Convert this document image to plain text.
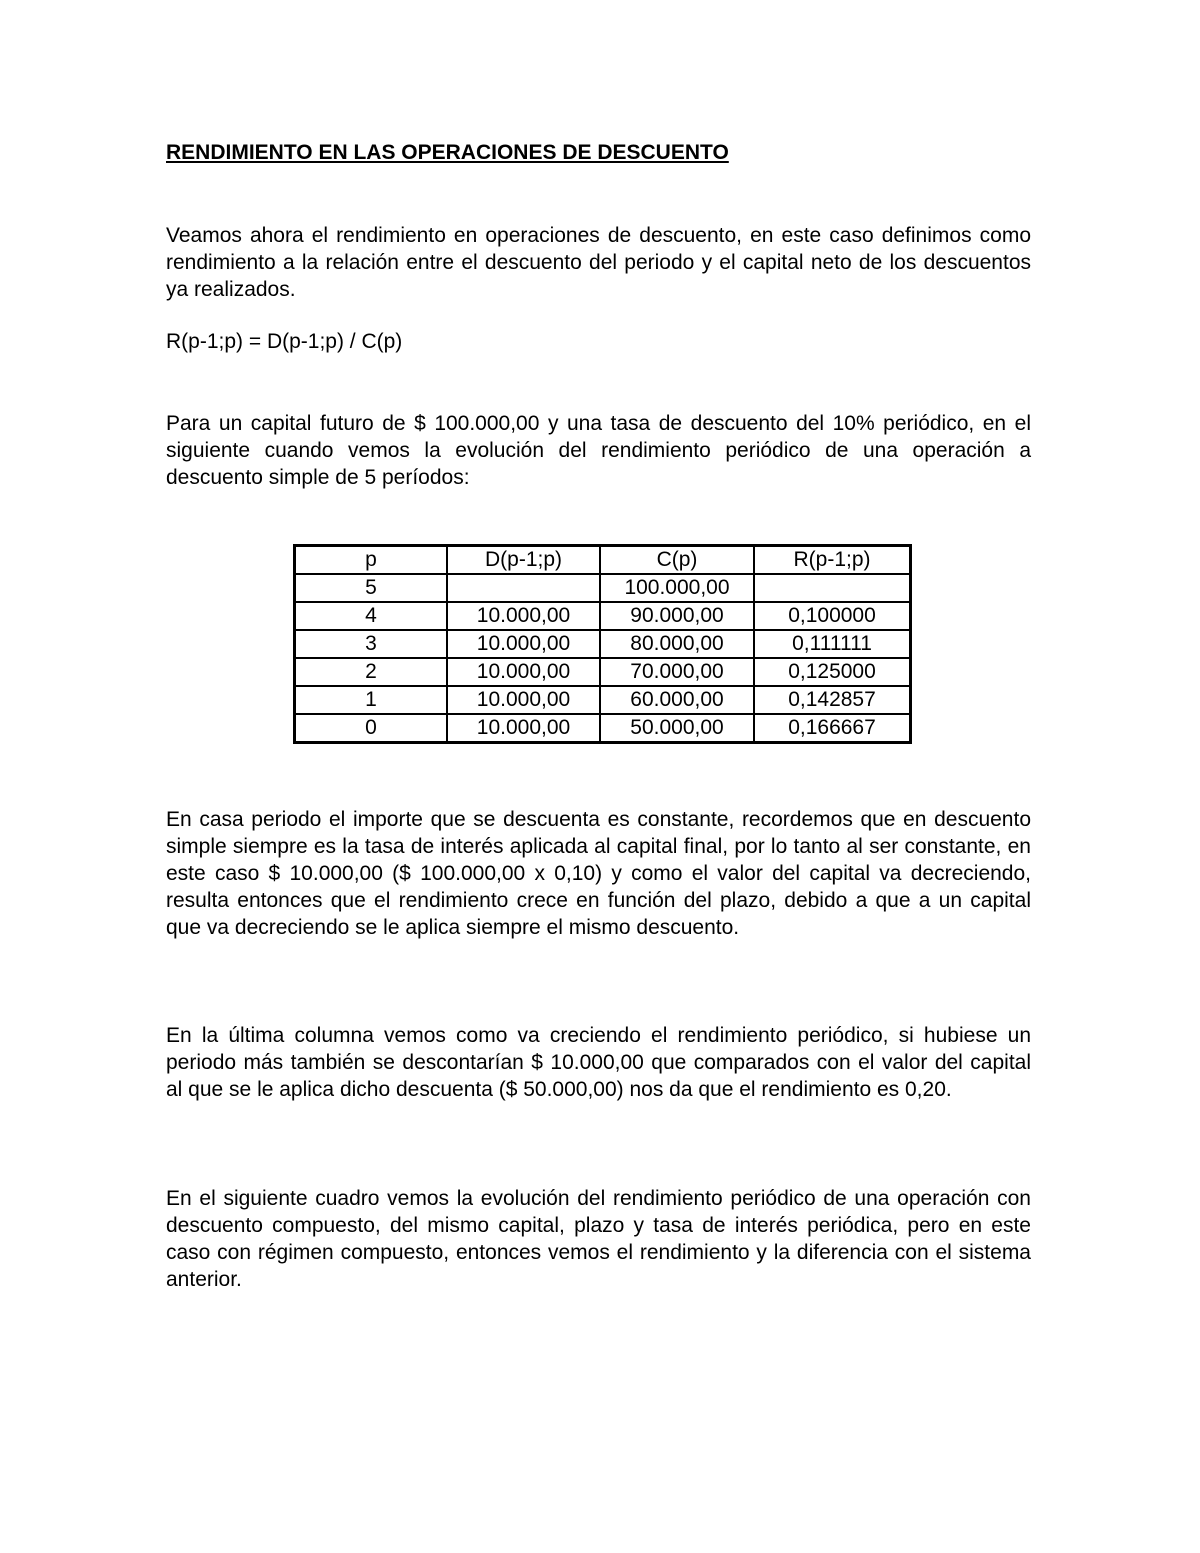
RENDIMIENTO EN LAS OPERACIONES DE DESCUENTO

Veamos ahora el rendimiento en operaciones de descuento, en este caso definimos como rendimiento a la relación entre el descuento del periodo y el capital neto de los descuentos ya realizados.

R(p-1;p) = D(p-1;p) / C(p)

Para un capital futuro de $ 100.000,00 y una tasa de descuento del 10% periódico, en el siguiente cuando vemos la evolución del rendimiento periódico de una operación a descuento simple de 5 períodos:

En casa periodo el importe que se descuenta es constante, recordemos que en descuento simple siempre es la tasa de interés aplicada al capital final, por lo tanto al ser constante, en este caso $ 10.000,00 ($ 100.000,00 x 0,10) y como el valor del capital va decreciendo, resulta entonces que el rendimiento crece en función del plazo, debido a que a un capital que va decreciendo se le aplica siempre el mismo descuento.

En la última columna vemos como va creciendo el rendimiento periódico, si hubiese un periodo más también se descontarían $ 10.000,00 que comparados con el valor del capital al que se le aplica dicho descuenta ($ 50.000,00) nos da que el rendimiento es 0,20.

En el siguiente cuadro vemos la evolución del rendimiento periódico de una operación con descuento compuesto, del mismo capital, plazo y tasa de interés periódica, pero en este caso con régimen compuesto, entonces vemos el rendimiento y la diferencia con el sistema anterior.

p	D(p-1;p)	C(p)	R(p-1;p)
5		100.000,00	
4	10.000,00	90.000,00	0,100000
3	10.000,00	80.000,00	0,111111
2	10.000,00	70.000,00	0,125000
1	10.000,00	60.000,00	0,142857
0	10.000,00	50.000,00	0,166667
